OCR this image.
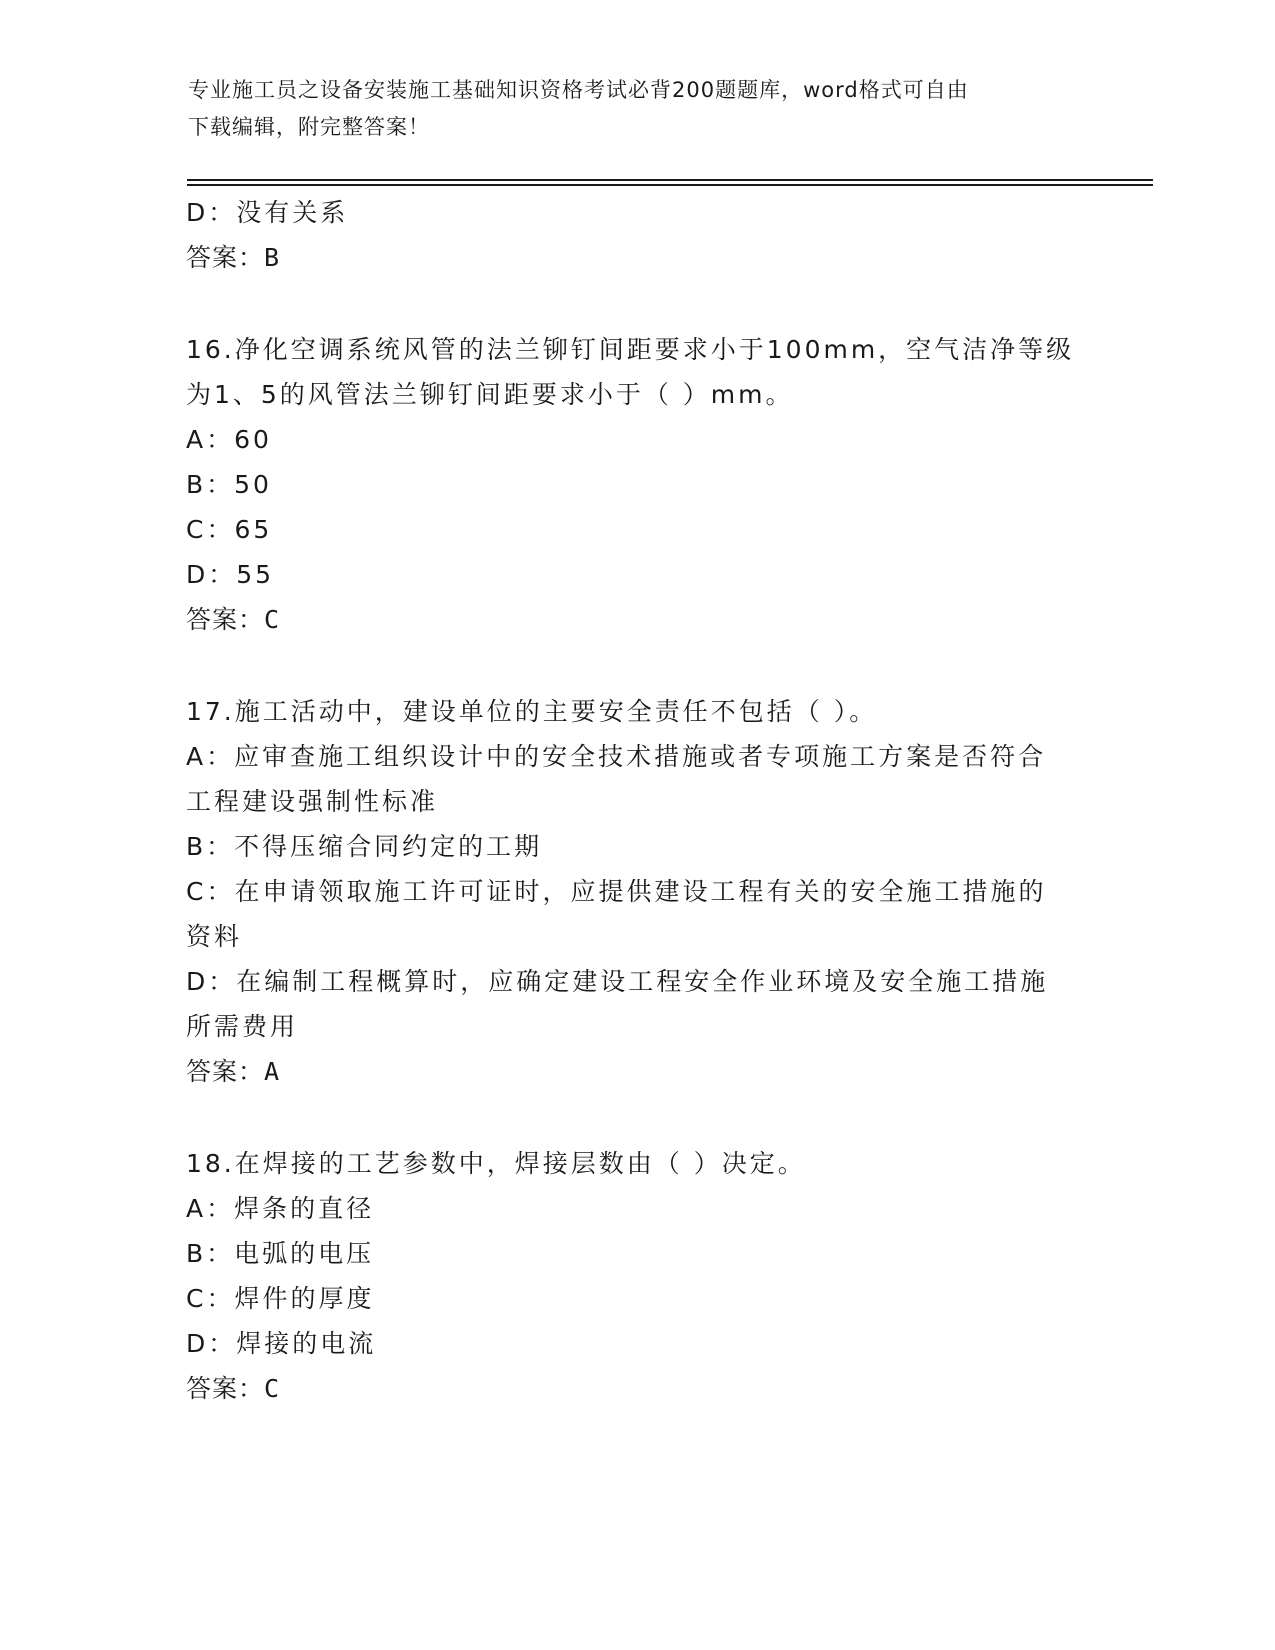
专业施工员之设备安装施工基础知识资格考试必背200题题库，word格式可自由
下载编辑，附完整答案！
D：没有关系
答案：B
16.净化空调系统风管的法兰铆钉间距要求小于100mm，空气洁净等级
为1、5的风管法兰铆钉间距要求小于（ ）mm。
A：60
B：50
C：65
D：55
答案：C
17.施工活动中，建设单位的主要安全责任不包括（ ）。
A：应审查施工组织设计中的安全技术措施或者专项施工方案是否符合
工程建设强制性标准
B：不得压缩合同约定的工期
C：在申请领取施工许可证时，应提供建设工程有关的安全施工措施的
资料
D：在编制工程概算时，应确定建设工程安全作业环境及安全施工措施
所需费用
答案：A
18.在焊接的工艺参数中，焊接层数由（ ）决定。
A：焊条的直径
B：电弧的电压
C：焊件的厚度
D：焊接的电流
答案：C
